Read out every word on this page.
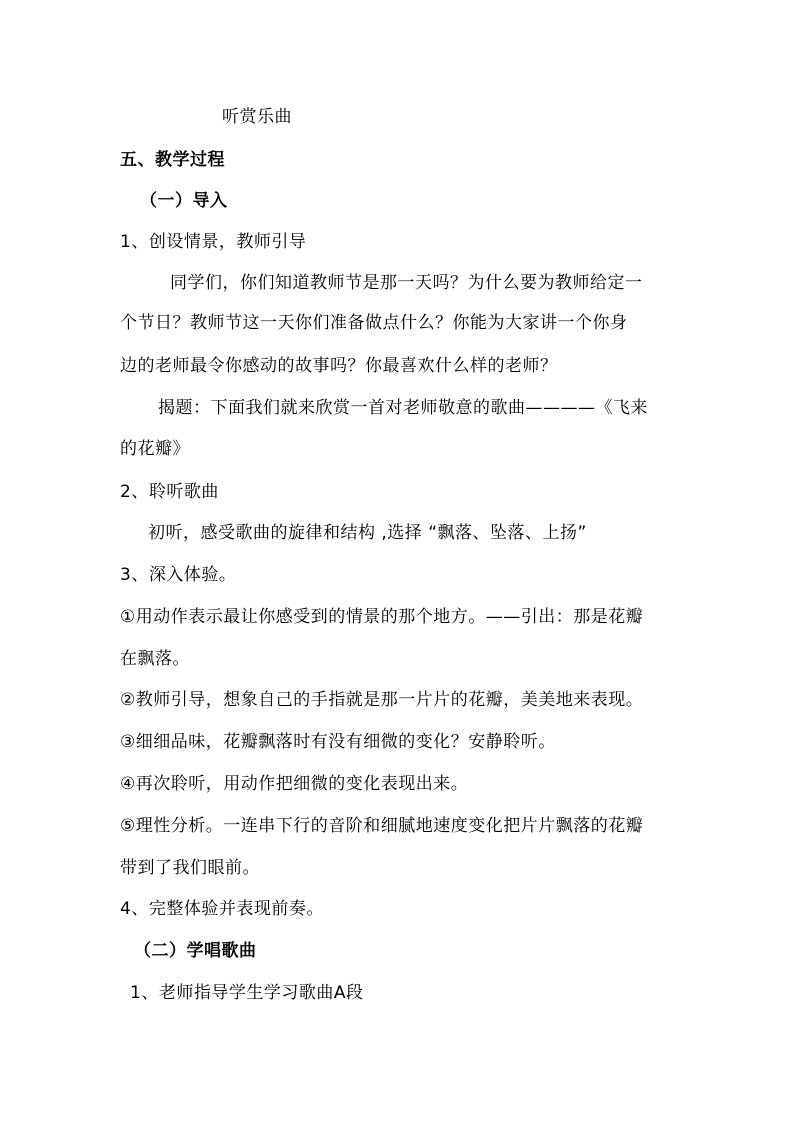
听赏乐曲
五、教学过程
（一）导入
1、创设情景，教师引导
同学们，你们知道教师节是那一天吗？为什么要为教师给定一
个节日？教师节这一天你们准备做点什么？你能为大家讲一个你身
边的老师最令你感动的故事吗？你最喜欢什么样的老师？
揭题：下面我们就来欣赏一首对老师敬意的歌曲————《飞来
的花瓣》
2、聆听歌曲
初听，感受歌曲的旋律和结构 ,选择 “飘落、坠落、上扬”
3、深入体验。
①用动作表示最让你感受到的情景的那个地方。——引出：那是花瓣
在飘落。
②教师引导，想象自己的手指就是那一片片的花瓣，美美地来表现。
③细细品味，花瓣飘落时有没有细微的变化？安静聆听。
④再次聆听，用动作把细微的变化表现出来。
⑤理性分析。一连串下行的音阶和细腻地速度变化把片片飘落的花瓣
带到了我们眼前。
4、完整体验并表现前奏。
（二）学唱歌曲
1、老师指导学生学习歌曲A段
